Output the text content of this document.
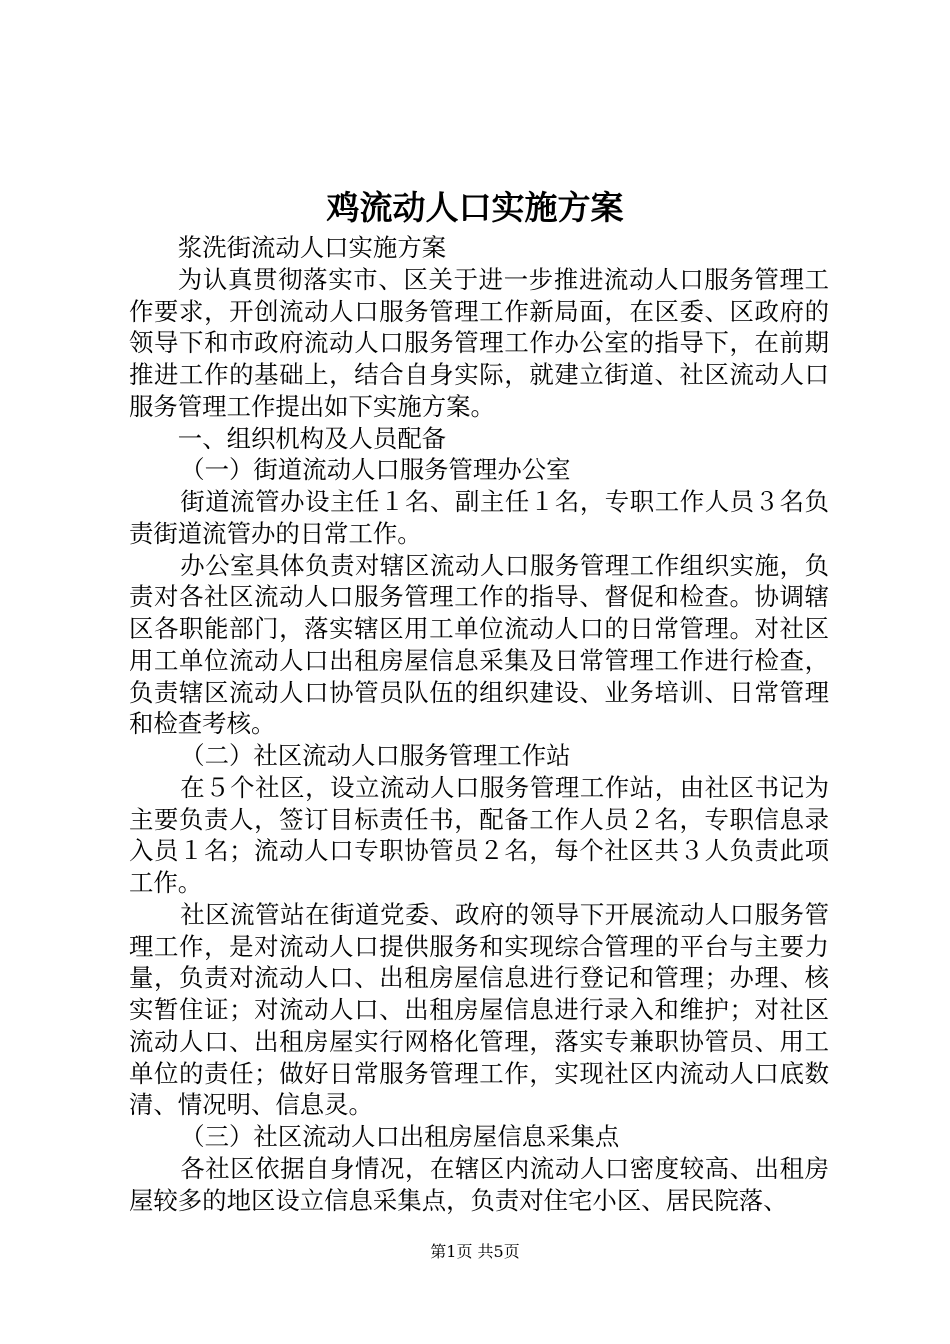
鸡流动人口实施方案

浆洗街流动人口实施方案

为认真贯彻落实市、区关于进一步推进流动人口服务管理工作要求，开创流动人口服务管理工作新局面，在区委、区政府的领导下和市政府流动人口服务管理工作办公室的指导下，在前期推进工作的基础上，结合自身实际，就建立街道、社区流动人口服务管理工作提出如下实施方案。

一、组织机构及人员配备

（一）街道流动人口服务管理办公室

街道流管办设主任１名、副主任１名，专职工作人员３名负责街道流管办的日常工作。

办公室具体负责对辖区流动人口服务管理工作组织实施，负责对各社区流动人口服务管理工作的指导、督促和检查。协调辖区各职能部门，落实辖区用工单位流动人口的日常管理。对社区用工单位流动人口出租房屋信息采集及日常管理工作进行检查，负责辖区流动人口协管员队伍的组织建设、业务培训、日常管理和检查考核。

（二）社区流动人口服务管理工作站

在５个社区，设立流动人口服务管理工作站，由社区书记为主要负责人，签订目标责任书，配备工作人员２名，专职信息录入员１名；流动人口专职协管员２名，每个社区共３人负责此项工作。

社区流管站在街道党委、政府的领导下开展流动人口服务管理工作，是对流动人口提供服务和实现综合管理的平台与主要力量，负责对流动人口、出租房屋信息进行登记和管理；办理、核实暂住证；对流动人口、出租房屋信息进行录入和维护；对社区流动人口、出租房屋实行网格化管理，落实专兼职协管员、用工单位的责任；做好日常服务管理工作，实现社区内流动人口底数清、情况明、信息灵。

（三）社区流动人口出租房屋信息采集点

各社区依据自身情况，在辖区内流动人口密度较高、出租房屋较多的地区设立信息采集点，负责对住宅小区、居民院落、

第1页 共5页
